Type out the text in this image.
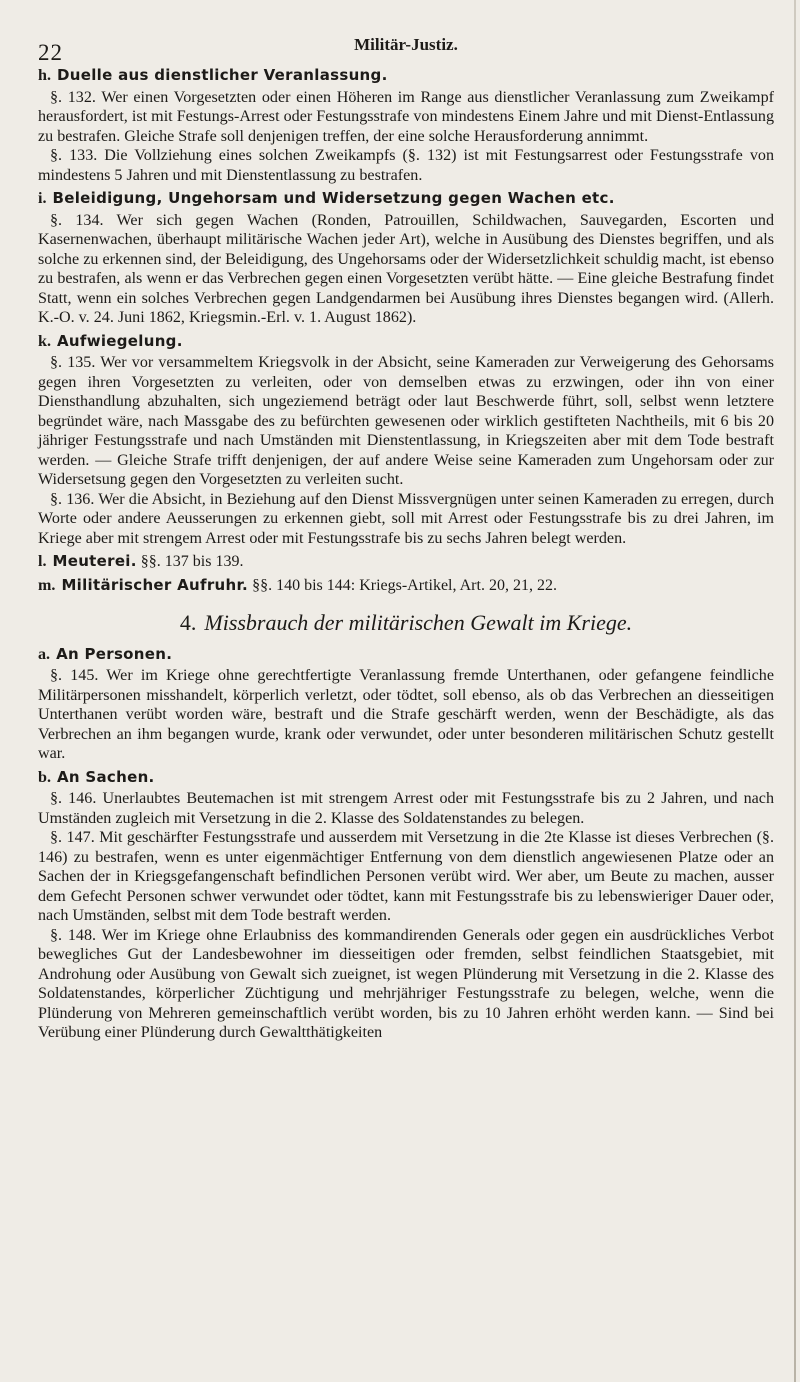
22	Militär-Justiz.

h. Duelle aus dienstlicher Veranlassung.

§. 132. Wer einen Vorgesetzten oder einen Höheren im Range aus dienstlicher Veranlassung zum Zweikampf herausfordert, ist mit Festungs-Arrest oder Festungsstrafe von mindestens Einem Jahre und mit Dienst-Entlassung zu bestrafen. Gleiche Strafe soll denjenigen treffen, der eine solche Herausforderung annimmt.

§. 133. Die Vollziehung eines solchen Zweikampfs (§. 132) ist mit Festungsarrest oder Festungsstrafe von mindestens 5 Jahren und mit Dienstentlassung zu bestrafen.

i. Beleidigung, Ungehorsam und Widersetzung gegen Wachen etc.

§. 134. Wer sich gegen Wachen (Ronden, Patrouillen, Schildwachen, Sauvegarden, Escorten und Kasernenwachen, überhaupt militärische Wachen jeder Art), welche in Ausübung des Dienstes begriffen, und als solche zu erkennen sind, der Beleidigung, des Ungehorsams oder der Widersetzlichkeit schuldig macht, ist ebenso zu bestrafen, als wenn er das Verbrechen gegen einen Vorgesetzten verübt hätte. — Eine gleiche Bestrafung findet Statt, wenn ein solches Verbrechen gegen Landgendarmen bei Ausübung ihres Dienstes begangen wird. (Allerh. K.-O. v. 24. Juni 1862, Kriegsmin.-Erl. v. 1. August 1862).

k. Aufwiegelung.

§. 135. Wer vor versammeltem Kriegsvolk in der Absicht, seine Kameraden zur Verweigerung des Gehorsams gegen ihren Vorgesetzten zu verleiten, oder von demselben etwas zu erzwingen, oder ihn von einer Diensthandlung abzuhalten, sich ungeziemend beträgt oder laut Beschwerde führt, soll, selbst wenn letztere begründet wäre, nach Massgabe des zu befürchten gewesenen oder wirklich gestifteten Nachtheils, mit 6 bis 20 jähriger Festungsstrafe und nach Umständen mit Dienstentlassung, in Kriegszeiten aber mit dem Tode bestraft werden. — Gleiche Strafe trifft denjenigen, der auf andere Weise seine Kameraden zum Ungehorsam oder zur Widersetsung gegen den Vorgesetzten zu verleiten sucht.

§. 136. Wer die Absicht, in Beziehung auf den Dienst Missvergnügen unter seinen Kameraden zu erregen, durch Worte oder andere Aeusserungen zu erkennen giebt, soll mit Arrest oder Festungsstrafe bis zu drei Jahren, im Kriege aber mit strengem Arrest oder mit Festungsstrafe bis zu sechs Jahren belegt werden.

l. Meuterei. §§. 137 bis 139.

m. Militärischer Aufruhr. §§. 140 bis 144: Kriegs-Artikel, Art. 20, 21, 22.

4. Missbrauch der militärischen Gewalt im Kriege.

a. An Personen.

§. 145. Wer im Kriege ohne gerechtfertigte Veranlassung fremde Unterthanen, oder gefangene feindliche Militärpersonen misshandelt, körperlich verletzt, oder tödtet, soll ebenso, als ob das Verbrechen an diesseitigen Unterthanen verübt worden wäre, bestraft und die Strafe geschärft werden, wenn der Beschädigte, als das Verbrechen an ihm begangen wurde, krank oder verwundet, oder unter besonderen militärischen Schutz gestellt war.

b. An Sachen.

§. 146. Unerlaubtes Beutemachen ist mit strengem Arrest oder mit Festungsstrafe bis zu 2 Jahren, und nach Umständen zugleich mit Versetzung in die 2. Klasse des Soldatenstandes zu belegen.

§. 147. Mit geschärfter Festungsstrafe und ausserdem mit Versetzung in die 2te Klasse ist dieses Verbrechen (§. 146) zu bestrafen, wenn es unter eigenmächtiger Entfernung von dem dienstlich angewiesenen Platze oder an Sachen der in Kriegsgefangenschaft befindlichen Personen verübt wird. Wer aber, um Beute zu machen, ausser dem Gefecht Personen schwer verwundet oder tödtet, kann mit Festungsstrafe bis zu lebenswieriger Dauer oder, nach Umständen, selbst mit dem Tode bestraft werden.

§. 148. Wer im Kriege ohne Erlaubniss des kommandirenden Generals oder gegen ein ausdrückliches Verbot bewegliches Gut der Landesbewohner im diesseitigen oder fremden, selbst feindlichen Staatsgebiet, mit Androhung oder Ausübung von Gewalt sich zueignet, ist wegen Plünderung mit Versetzung in die 2. Klasse des Soldatenstandes, körperlicher Züchtigung und mehrjähriger Festungsstrafe zu belegen, welche, wenn die Plünderung von Mehreren gemeinschaftlich verübt worden, bis zu 10 Jahren erhöht werden kann. — Sind bei Verübung einer Plünderung durch Gewaltthätigkeiten
